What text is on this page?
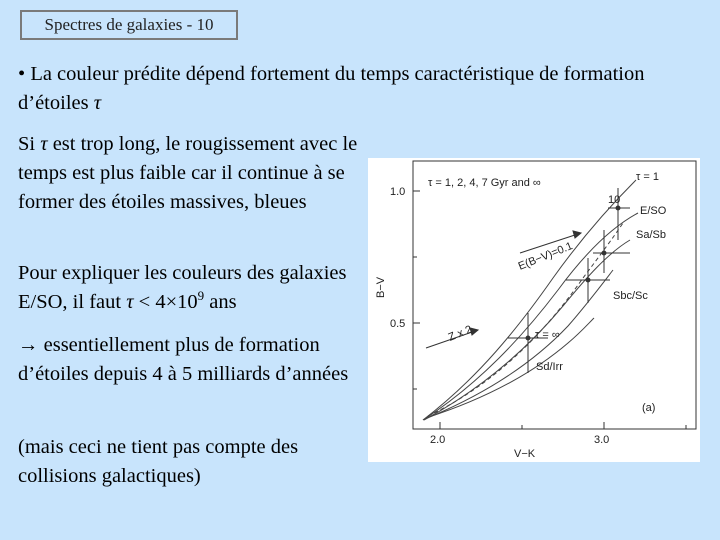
Spectres de galaxies - 10

• La couleur prédite dépend fortement du temps caractéristique de formation d’étoiles τ

Si τ est trop long, le rougissement avec le temps est plus faible car il continue à se former des étoiles massives, bleues

Pour expliquer les couleurs des galaxies E/SO, il faut $\tau < 4\times 10^9$ ans

→ essentiellement plus de formation d’étoiles depuis 4 à 5 milliards d’années

(mais ceci ne tient pas compte des collisions galactiques)

τ = 1, 2, 4, 7 Gyr and ∞	τ = 1
10
E/SO
Sa/Sb
Sbc/Sc
τ = ∞
Sd/Irr
(a)
E(B−V)=0.1
Z x 2
1.0
0.5
2.0	3.0
B−V
V−K
